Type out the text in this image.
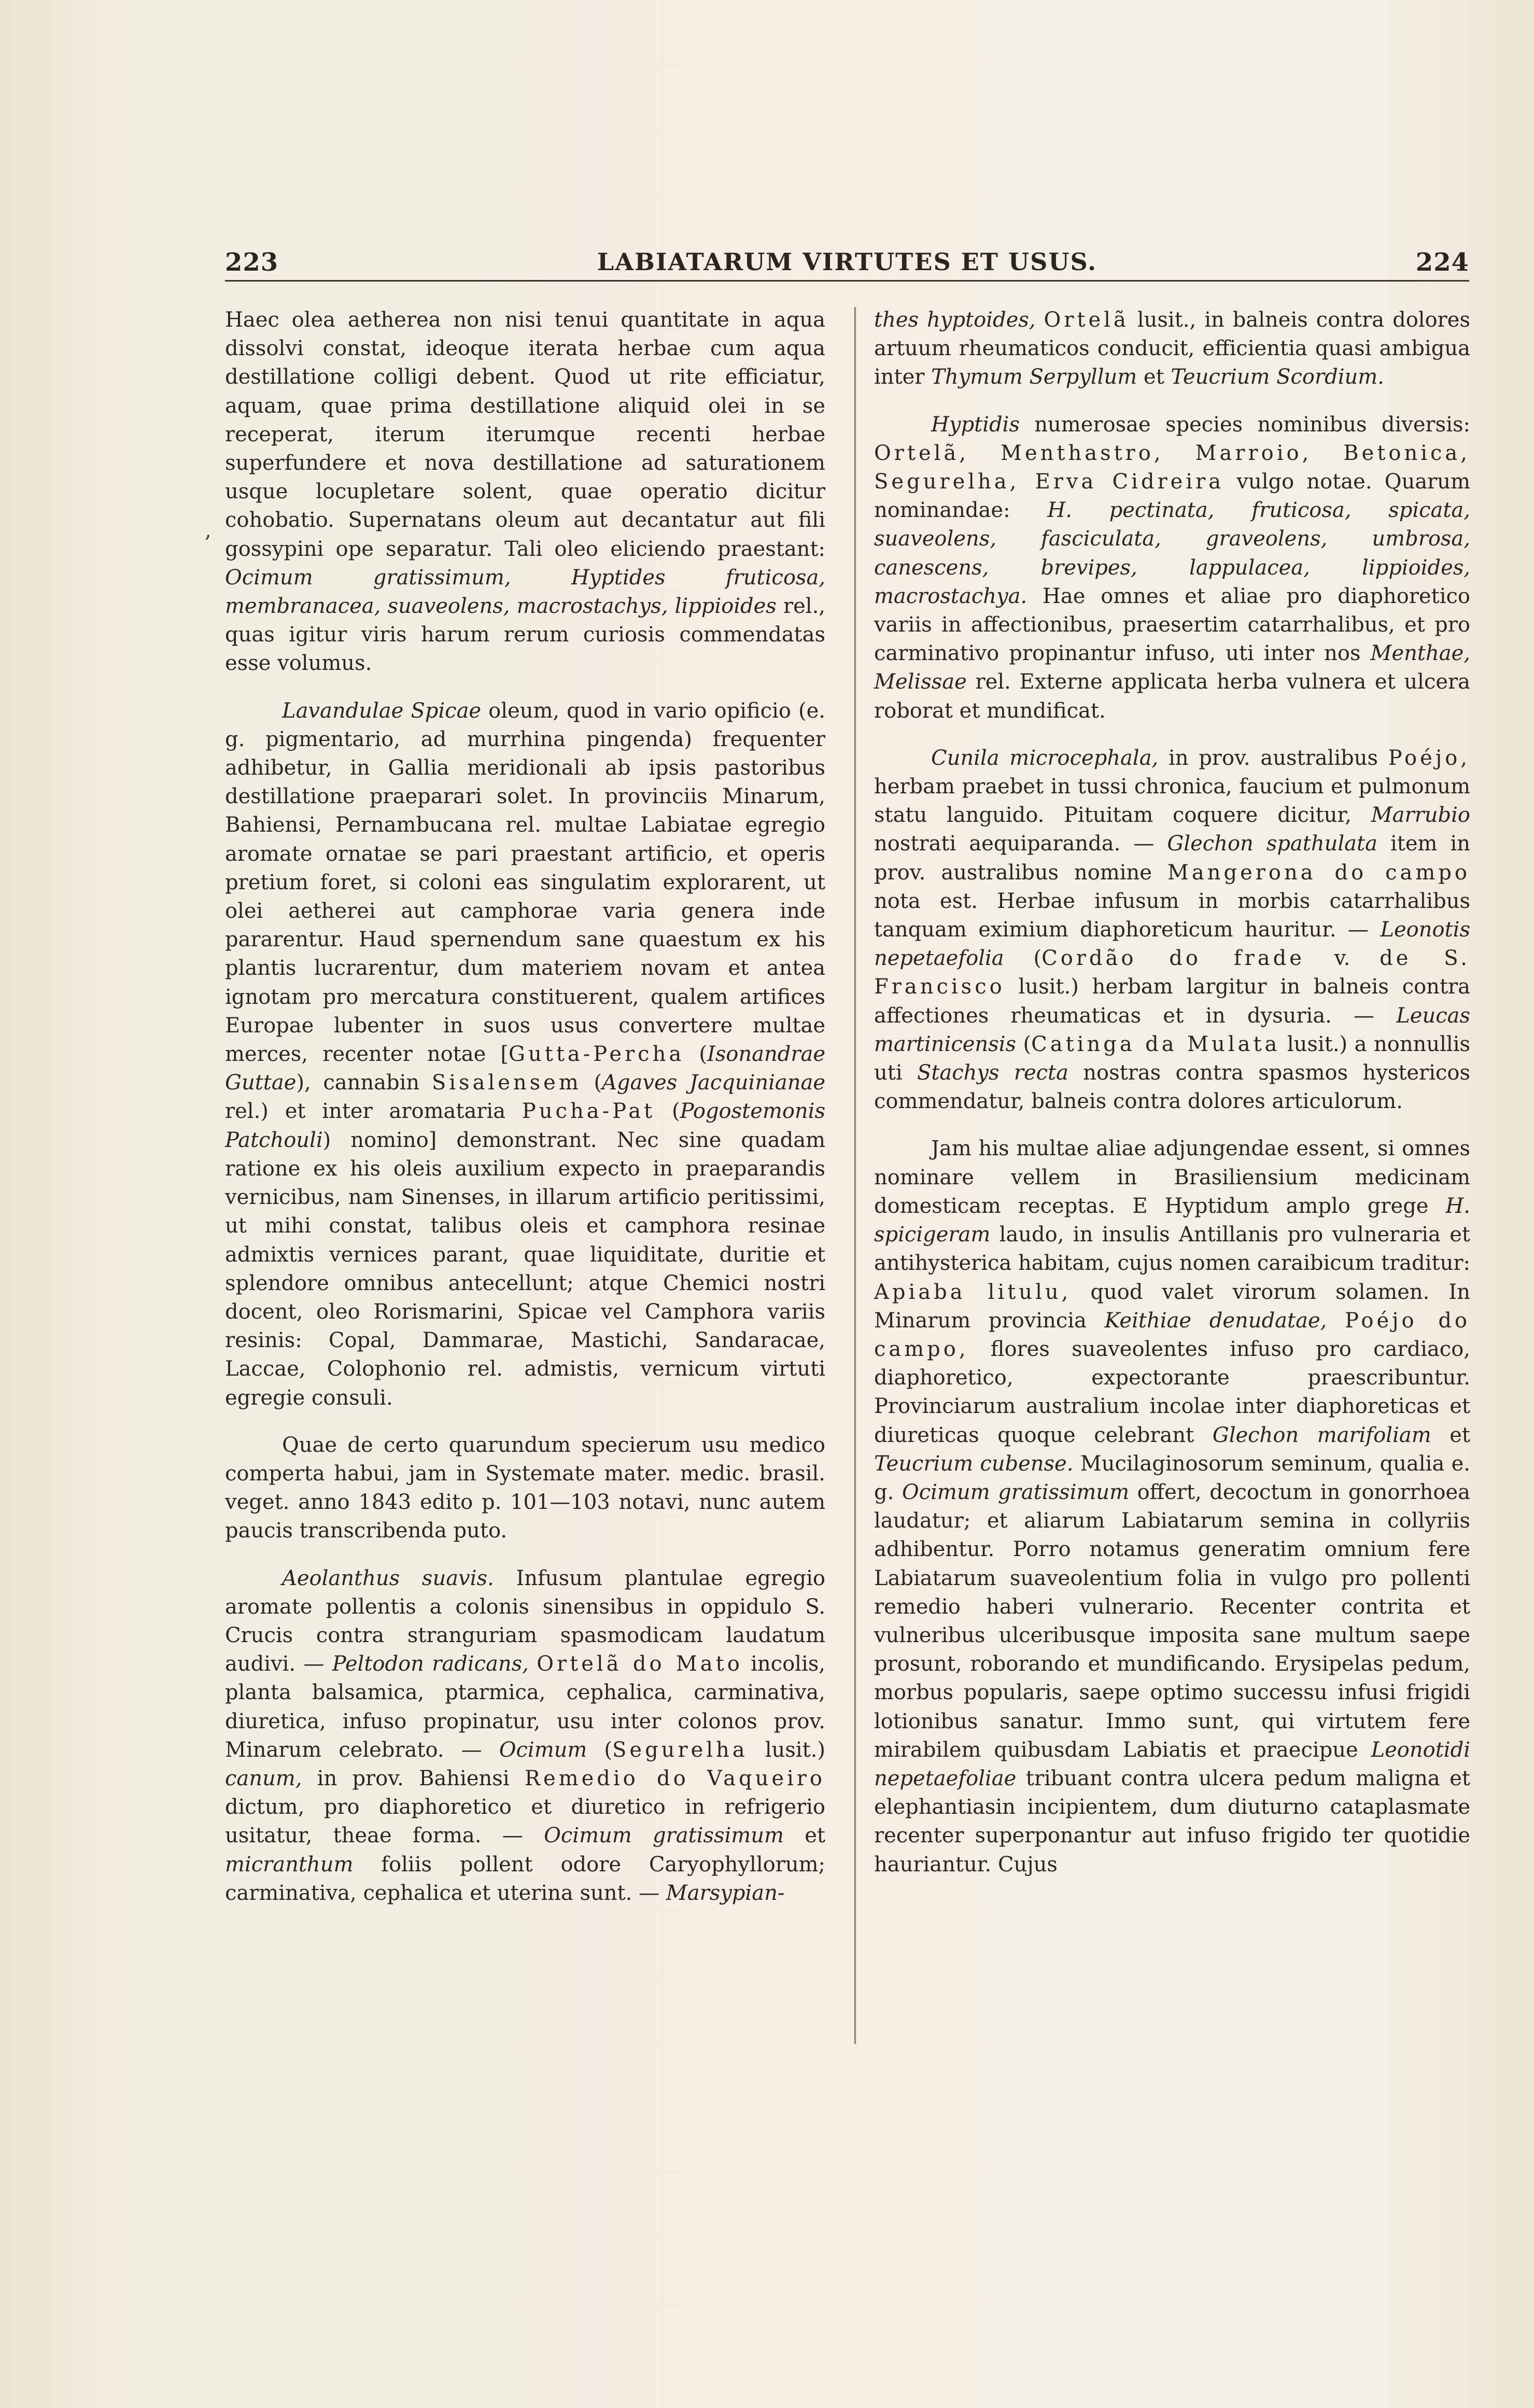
223	LABIATARUM VIRTUTES ET USUS.	224
,

Haec olea aetherea non nisi tenui quantitate in aqua dissolvi constat, ideoque iterata herbae cum aqua destillatione colligi debent. Quod ut rite efficiatur, aquam, quae prima destillatione aliquid olei in se receperat, iterum iterumque recenti herbae superfundere et nova destillatione ad saturationem usque locupletare solent, quae operatio dicitur cohobatio. Supernatans oleum aut decantatur aut fili gossypini ope separatur. Tali oleo eliciendo praestant: Ocimum gratissimum, Hyptides fruticosa, membranacea, suaveolens, macrostachys, lippioides rel., quas igitur viris harum rerum curiosis commendatas esse volumus.

Lavandulae Spicae oleum, quod in vario opificio (e. g. pigmentario, ad murrhina pingenda) frequenter adhibetur, in Gallia meridionali ab ipsis pastoribus destillatione praeparari solet. In provinciis Minarum, Bahiensi, Pernambucana rel. multae Labiatae egregio aromate ornatae se pari praestant artificio, et operis pretium foret, si coloni eas singulatim explorarent, ut olei aetherei aut camphorae varia genera inde pararentur. Haud spernendum sane quaestum ex his plantis lucrarentur, dum materiem novam et antea ignotam pro mercatura constituerent, qualem artifices Europae lubenter in suos usus convertere multae merces, recenter notae [Gutta-Percha (Isonandrae Guttae), cannabin Sisalensem (Agaves Jacquinianae rel.) et inter aromataria Pucha-Pat (Pogostemonis Patchouli) nomino] demonstrant. Nec sine quadam ratione ex his oleis auxilium expecto in praeparandis vernicibus, nam Sinenses, in illarum artificio peritissimi, ut mihi constat, talibus oleis et camphora resinae admixtis vernices parant, quae liquiditate, duritie et splendore omnibus antecellunt; atque Chemici nostri docent, oleo Rorismarini, Spicae vel Camphora variis resinis: Copal, Dammarae, Mastichi, Sandaracae, Laccae, Colophonio rel. admistis, vernicum virtuti egregie consuli.

Quae de certo quarundum specierum usu medico comperta habui, jam in Systemate mater. medic. brasil. veget. anno 1843 edito p. 101—103 notavi, nunc autem paucis transcribenda puto.

Aeolanthus suavis. Infusum plantulae egregio aromate pollentis a colonis sinensibus in oppidulo S. Crucis contra stranguriam spasmodicam laudatum audivi. — Peltodon radicans, Ortelã do Mato incolis, planta balsamica, ptarmica, cephalica, carminativa, diuretica, infuso propinatur, usu inter colonos prov. Minarum celebrato. — Ocimum (Segurelha lusit.) canum, in prov. Bahiensi Remedio do Vaqueiro dictum, pro diaphoretico et diuretico in refrigerio usitatur, theae forma. — Ocimum gratissimum et micranthum foliis pollent odore Caryophyllorum; carminativa, cephalica et uterina sunt. — Marsypian-

thes hyptoides, Ortelã lusit., in balneis contra dolores artuum rheumaticos conducit, efficientia quasi ambigua inter Thymum Serpyllum et Teucrium Scordium.

Hyptidis numerosae species nominibus diversis: Ortelã, Menthastro, Marroio, Betonica, Segurelha, Erva Cidreira vulgo notae. Quarum nominandae: H. pectinata, fruticosa, spicata, suaveolens, fasciculata, graveolens, umbrosa, canescens, brevipes, lappulacea, lippioides, macrostachya. Hae omnes et aliae pro diaphoretico variis in affectionibus, praesertim catarrhalibus, et pro carminativo propinantur infuso, uti inter nos Menthae, Melissae rel. Externe applicata herba vulnera et ulcera roborat et mundificat.

Cunila microcephala, in prov. australibus Poéjo, herbam praebet in tussi chronica, faucium et pulmonum statu languido. Pituitam coquere dicitur, Marrubio nostrati aequiparanda. — Glechon spathulata item in prov. australibus nomine Mangerona do campo nota est. Herbae infusum in morbis catarrhalibus tanquam eximium diaphoreticum hauritur. — Leonotis nepetaefolia (Cordão do frade v. de S. Francisco lusit.) herbam largitur in balneis contra affectiones rheumaticas et in dysuria. — Leucas martinicensis (Catinga da Mulata lusit.) a nonnullis uti Stachys recta nostras contra spasmos hystericos commendatur, balneis contra dolores articulorum.

Jam his multae aliae adjungendae essent, si omnes nominare vellem in Brasiliensium medicinam domesticam receptas. E Hyptidum amplo grege H. spicigeram laudo, in insulis Antillanis pro vulneraria et antihysterica habitam, cujus nomen caraibicum traditur: Apiaba litulu, quod valet virorum solamen. In Minarum provincia Keithiae denudatae, Poéjo do campo, flores suaveolentes infuso pro cardiaco, diaphoretico, expectorante praescribuntur. Provinciarum australium incolae inter diaphoreticas et diureticas quoque celebrant Glechon marifoliam et Teucrium cubense. Mucilaginosorum seminum, qualia e. g. Ocimum gratissimum offert, decoctum in gonorrhoea laudatur; et aliarum Labiatarum semina in collyriis adhibentur. Porro notamus generatim omnium fere Labiatarum suaveolentium folia in vulgo pro pollenti remedio haberi vulnerario. Recenter contrita et vulneribus ulceribusque imposita sane multum saepe prosunt, roborando et mundificando. Erysipelas pedum, morbus popularis, saepe optimo successu infusi frigidi lotionibus sanatur. Immo sunt, qui virtutem fere mirabilem quibusdam Labiatis et praecipue Leonotidi nepetaefoliae tribuant contra ulcera pedum maligna et elephantiasin incipientem, dum diuturno cataplasmate recenter superponantur aut infuso frigido ter quotidie hauriantur. Cujus
